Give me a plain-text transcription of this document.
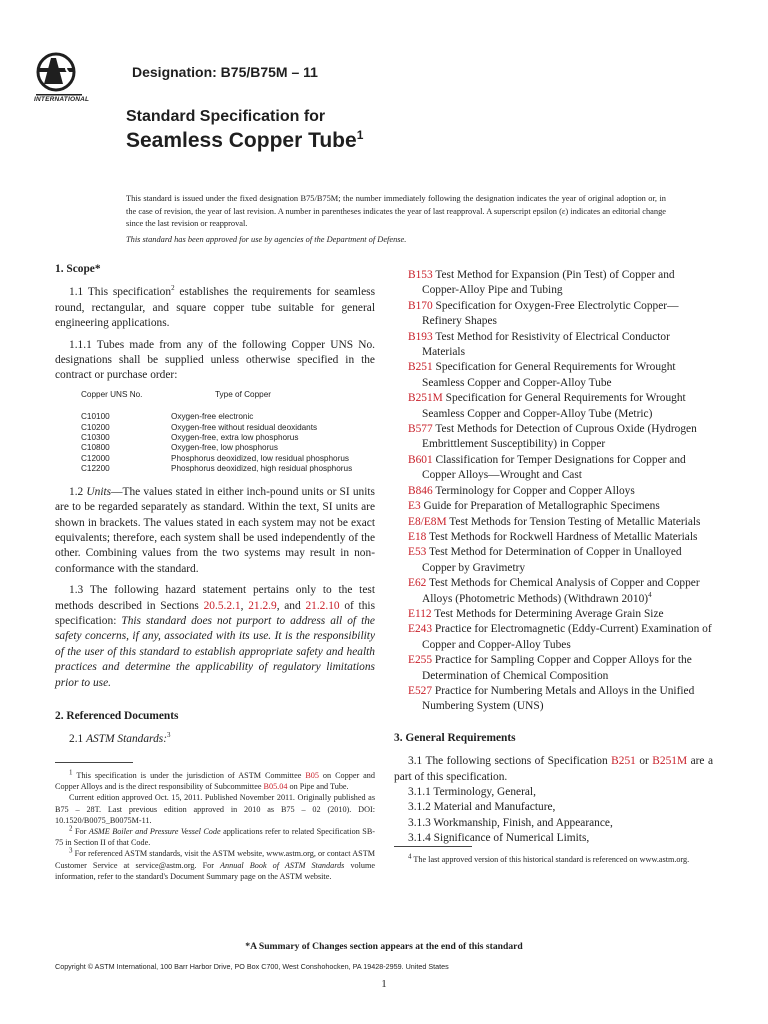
INTERNATIONAL
Designation: B75/B75M – 11
Standard Specification for
Seamless Copper Tube$^1$
This standard is issued under the fixed designation B75/B75M; the number immediately following the designation indicates the year of original adoption or, in the case of revision, the year of last revision. A number in parentheses indicates the year of last reapproval. A superscript epsilon (ε) indicates an editorial change since the last revision or reapproval.
This standard has been approved for use by agencies of the Department of Defense.
1. Scope*

1.1 This specification$^2$ establishes the requirements for seamless round, rectangular, and square copper tube suitable for general engineering applications.

1.1.1 Tubes made from any of the following Copper UNS No. designations shall be supplied unless otherwise specified in the contract or purchase order:

Copper UNS No.	Type of Copper
C10100	Oxygen-free electronic
C10200	Oxygen-free without residual deoxidants
C10300	Oxygen-free, extra low phosphorus
C10800	Oxygen-free, low phosphorus
C12000	Phosphorus deoxidized, low residual phosphorus
C12200	Phosphorus deoxidized, high residual phosphorus

1.2 Units—The values stated in either inch-pound units or SI units are to be regarded separately as standard. Within the text, SI units are shown in brackets. The values stated in each system may not be exact equivalents; therefore, each system shall be used independently of the other. Combining values from the two systems may result in non-conformance with the standard.

1.3 The following hazard statement pertains only to the test methods described in Sections 20.5.2.1, 21.2.9, and 21.2.10 of this specification: This standard does not purport to address all of the safety concerns, if any, associated with its use. It is the responsibility of the user of this standard to establish appropriate safety and health practices and determine the applicability of regulatory limitations prior to use.

2. Referenced Documents

2.1 ASTM Standards:$^3$

B153 Test Method for Expansion (Pin Test) of Copper and Copper-Alloy Pipe and Tubing
B170 Specification for Oxygen-Free Electrolytic Copper—Refinery Shapes
B193 Test Method for Resistivity of Electrical Conductor Materials
B251 Specification for General Requirements for Wrought Seamless Copper and Copper-Alloy Tube
B251M Specification for General Requirements for Wrought Seamless Copper and Copper-Alloy Tube (Metric)
B577 Test Methods for Detection of Cuprous Oxide (Hydrogen Embrittlement Susceptibility) in Copper
B601 Classification for Temper Designations for Copper and Copper Alloys—Wrought and Cast
B846 Terminology for Copper and Copper Alloys
E3 Guide for Preparation of Metallographic Specimens
E8/E8M Test Methods for Tension Testing of Metallic Materials
E18 Test Methods for Rockwell Hardness of Metallic Materials
E53 Test Method for Determination of Copper in Unalloyed Copper by Gravimetry
E62 Test Methods for Chemical Analysis of Copper and Copper Alloys (Photometric Methods) (Withdrawn 2010)$^4$
E112 Test Methods for Determining Average Grain Size
E243 Practice for Electromagnetic (Eddy-Current) Examination of Copper and Copper-Alloy Tubes
E255 Practice for Sampling Copper and Copper Alloys for the Determination of Chemical Composition
E527 Practice for Numbering Metals and Alloys in the Unified Numbering System (UNS)
3. General Requirements

3.1 The following sections of Specification B251 or B251M are a part of this specification.

3.1.1 Terminology, General,
3.1.2 Material and Manufacture,
3.1.3 Workmanship, Finish, and Appearance,
3.1.4 Significance of Numerical Limits,

$^1$ This specification is under the jurisdiction of ASTM Committee B05 on Copper and Copper Alloys and is the direct responsibility of Subcommittee B05.04 on Pipe and Tube.

Current edition approved Oct. 15, 2011. Published November 2011. Originally published as B75 – 28T. Last previous edition approved in 2010 as B75 – 02 (2010). DOI: 10.1520/B0075_B0075M-11.

$^2$ For ASME Boiler and Pressure Vessel Code applications refer to related Specification SB-75 in Section II of that Code.

$^3$ For referenced ASTM standards, visit the ASTM website, www.astm.org, or contact ASTM Customer Service at service@astm.org. For Annual Book of ASTM Standards volume information, refer to the standard's Document Summary page on the ASTM website.

$^4$ The last approved version of this historical standard is referenced on www.astm.org.

*A Summary of Changes section appears at the end of this standard
Copyright © ASTM International, 100 Barr Harbor Drive, PO Box C700, West Conshohocken, PA 19428-2959. United States
1
